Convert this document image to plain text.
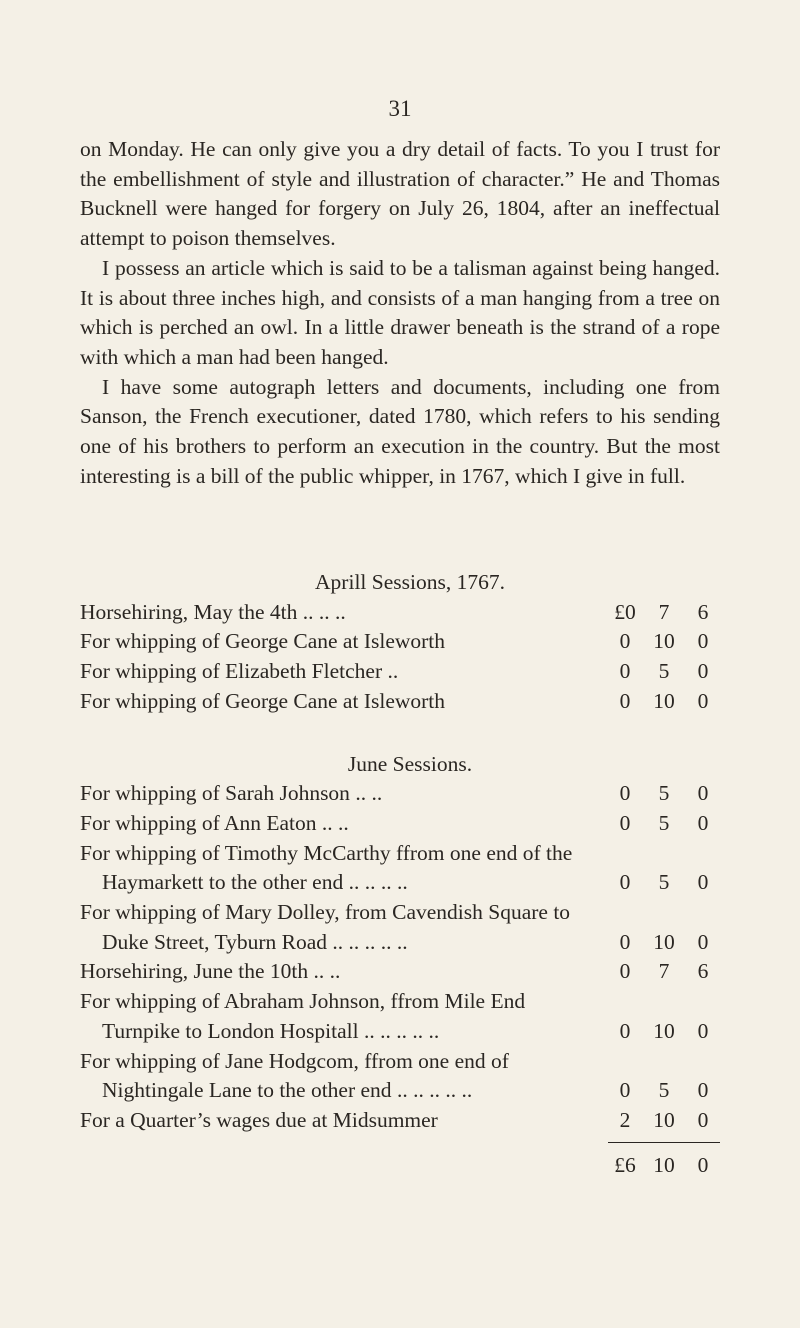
31

on Monday. He can only give you a dry detail of facts. To you I trust for the embellishment of style and illustration of character.” He and Thomas Bucknell were hanged for forgery on July 26, 1804, after an ineffectual attempt to poison themselves.

I possess an article which is said to be a talisman against being hanged. It is about three inches high, and consists of a man hanging from a tree on which is perched an owl. In a little drawer beneath is the strand of a rope with which a man had been hanged.

I have some autograph letters and documents, including one from Sanson, the French executioner, dated 1780, which refers to his sending one of his brothers to perform an execution in the country. But the most interesting is a bill of the public whipper, in 1767, which I give in full.

Aprill Sessions, 1767.
Horsehiring, May the 4th .. .. ..	£0	7	6
For whipping of George Cane at Isleworth	0	10	0
For whipping of Elizabeth Fletcher ..	0	5	0
For whipping of George Cane at Isleworth	0	10	0
June Sessions.
For whipping of Sarah Johnson .. ..	0	5	0
For whipping of Ann Eaton .. ..	0	5	0
For whipping of Timothy McCarthy ffrom one end of the Haymarkett to the other end .. .. .. ..	0	5	0
For whipping of Mary Dolley, from Cavendish Square to Duke Street, Tyburn Road .. .. .. .. ..	0	10	0
Horsehiring, June the 10th .. ..	0	7	6
For whipping of Abraham Johnson, ffrom Mile End Turnpike to London Hospitall .. .. .. .. ..	0	10	0
For whipping of Jane Hodgcom, ffrom one end of Nightingale Lane to the other end .. .. .. .. ..	0	5	0
For a Quarter’s wages due at Midsummer	2	10	0
£6 10	0
